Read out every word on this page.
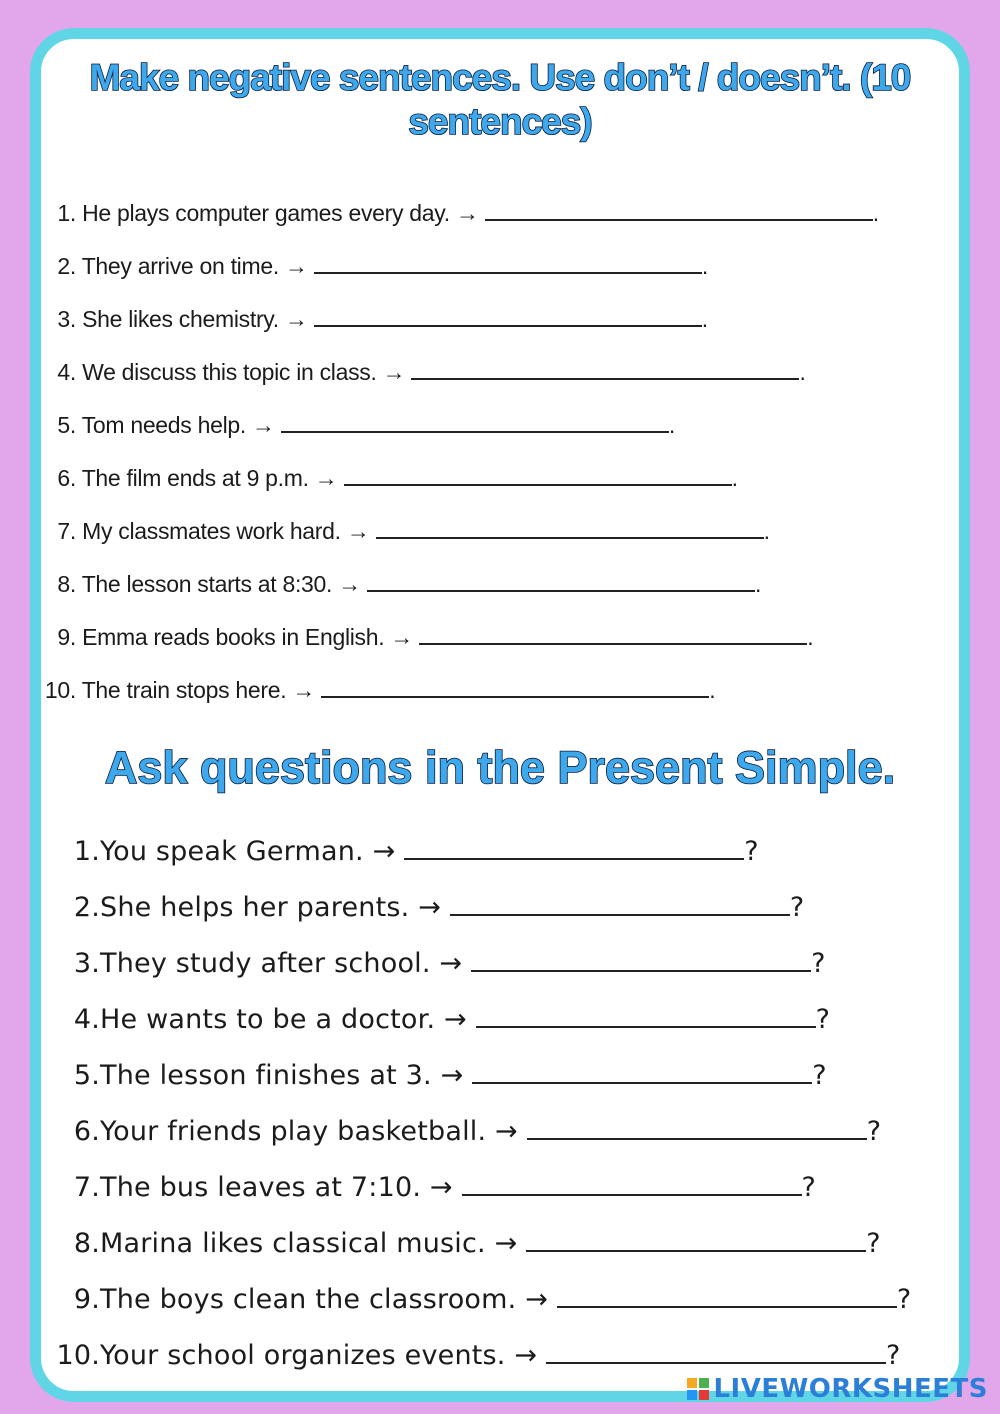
Make negative sentences. Use don’t / doesn’t. (10 sentences)
1. He plays computer games every day. →	.
2. They arrive on time. →	.
3. She likes chemistry. →	.
4. We discuss this topic in class. →	.
5. Tom needs help. →	.
6. The film ends at 9 p.m. →	.
7. My classmates work hard. →	.
8. The lesson starts at 8:30. →	.
9. Emma reads books in English. →	.
10. The train stops here. →	.
Ask questions in the Present Simple.
1.You speak German. →	?
2.She helps her parents. →	?
3.They study after school. →	?
4.He wants to be a doctor. →	?
5.The lesson finishes at 3. →	?
6.Your friends play basketball. →	?
7.The bus leaves at 7:10. →	?
8.Marina likes classical music. →	?
9.The boys clean the classroom. →	?
10.Your school organizes events. →	?
LIVEWORKSHEETS
